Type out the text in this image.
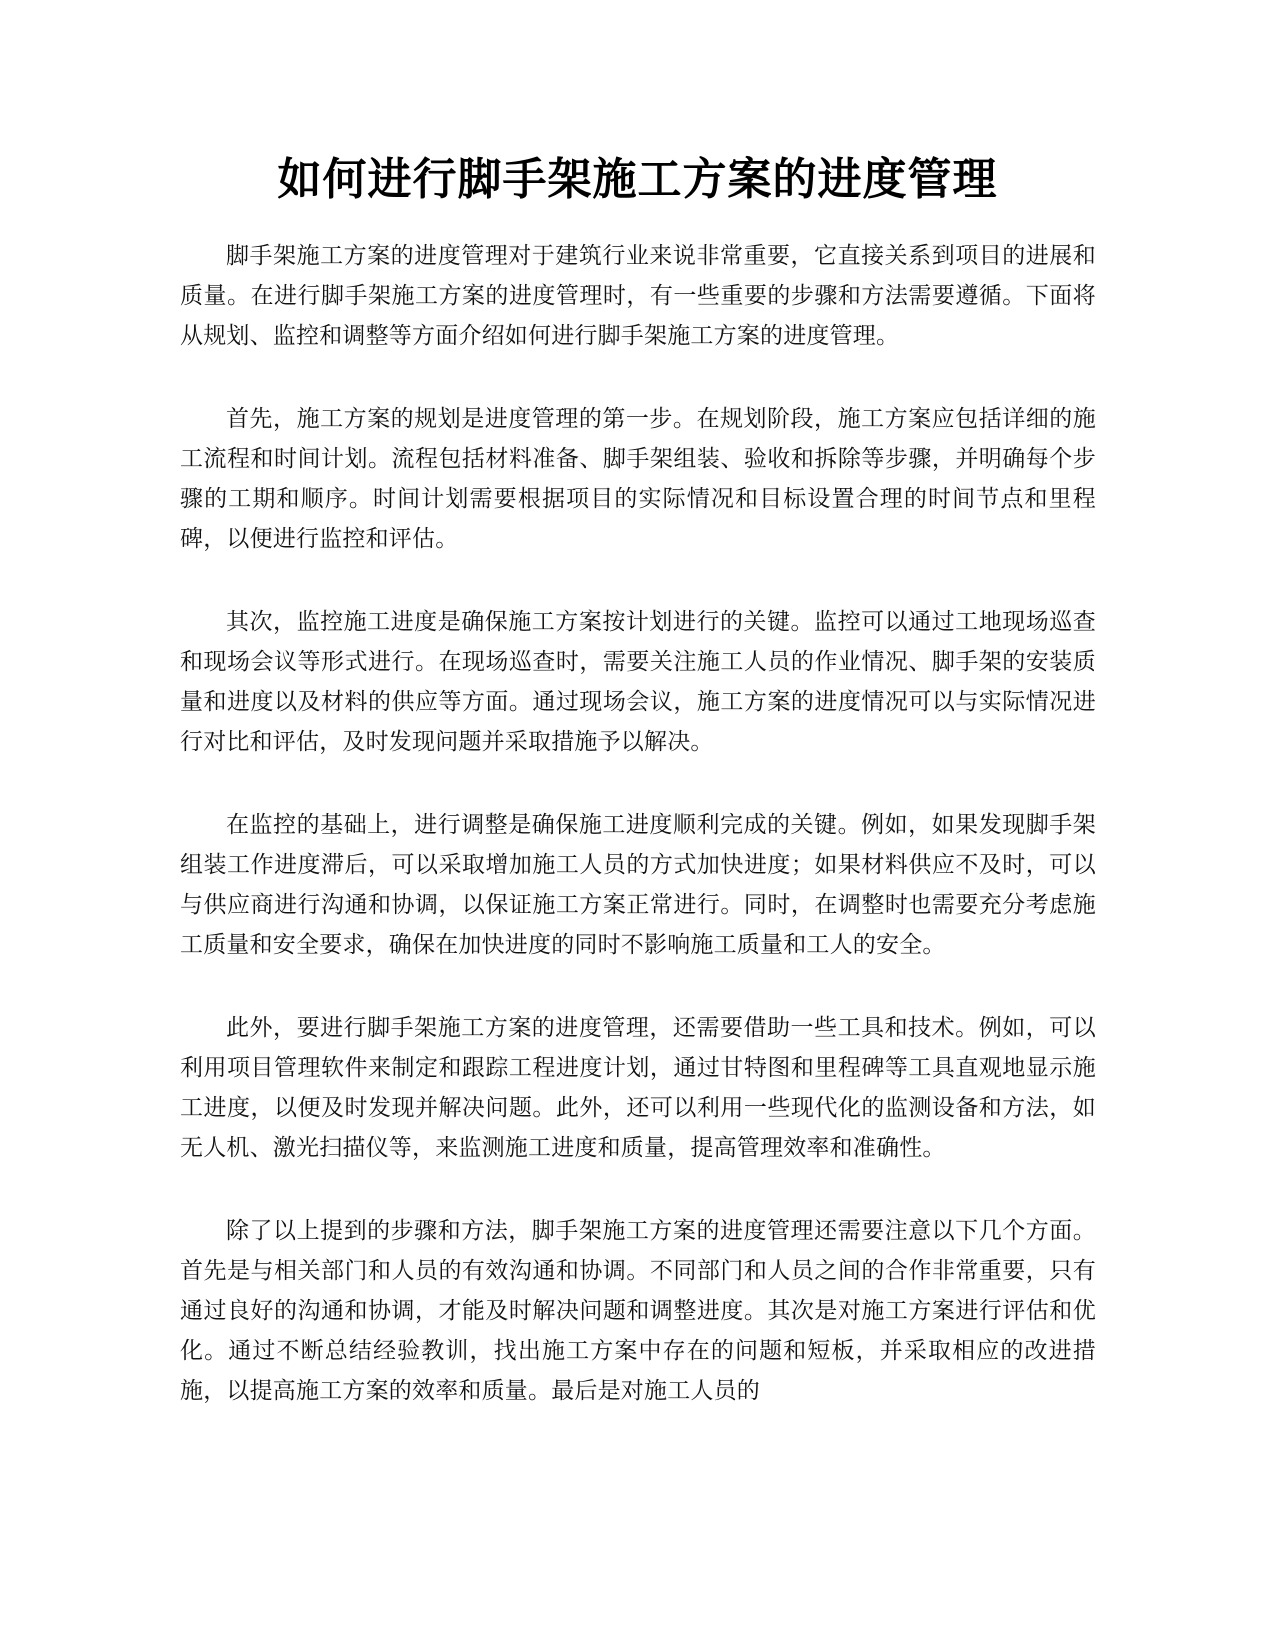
如何进行脚手架施工方案的进度管理

脚手架施工方案的进度管理对于建筑行业来说非常重要，它直接关系到项目的进展和质量。在进行脚手架施工方案的进度管理时，有一些重要的步骤和方法需要遵循。下面将从规划、监控和调整等方面介绍如何进行脚手架施工方案的进度管理。

首先，施工方案的规划是进度管理的第一步。在规划阶段，施工方案应包括详细的施工流程和时间计划。流程包括材料准备、脚手架组装、验收和拆除等步骤，并明确每个步骤的工期和顺序。时间计划需要根据项目的实际情况和目标设置合理的时间节点和里程碑，以便进行监控和评估。

其次，监控施工进度是确保施工方案按计划进行的关键。监控可以通过工地现场巡查和现场会议等形式进行。在现场巡查时，需要关注施工人员的作业情况、脚手架的安装质量和进度以及材料的供应等方面。通过现场会议，施工方案的进度情况可以与实际情况进行对比和评估，及时发现问题并采取措施予以解决。

在监控的基础上，进行调整是确保施工进度顺利完成的关键。例如，如果发现脚手架组装工作进度滞后，可以采取增加施工人员的方式加快进度；如果材料供应不及时，可以与供应商进行沟通和协调，以保证施工方案正常进行。同时，在调整时也需要充分考虑施工质量和安全要求，确保在加快进度的同时不影响施工质量和工人的安全。

此外，要进行脚手架施工方案的进度管理，还需要借助一些工具和技术。例如，可以利用项目管理软件来制定和跟踪工程进度计划，通过甘特图和里程碑等工具直观地显示施工进度，以便及时发现并解决问题。此外，还可以利用一些现代化的监测设备和方法，如无人机、激光扫描仪等，来监测施工进度和质量，提高管理效率和准确性。

除了以上提到的步骤和方法，脚手架施工方案的进度管理还需要注意以下几个方面。首先是与相关部门和人员的有效沟通和协调。不同部门和人员之间的合作非常重要，只有通过良好的沟通和协调，才能及时解决问题和调整进度。其次是对施工方案进行评估和优化。通过不断总结经验教训，找出施工方案中存在的问题和短板，并采取相应的改进措施，以提高施工方案的效率和质量。最后是对施工人员的
